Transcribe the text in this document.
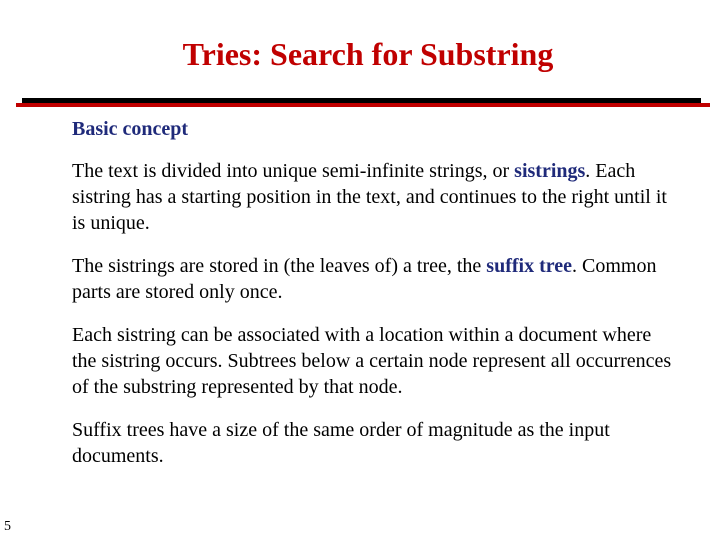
Tries: Search for Substring

Basic concept

The text is divided into unique semi-infinite strings, or sistrings. Each sistring has a starting position in the text, and continues to the right until it is unique.

The sistrings are stored in (the leaves of) a tree, the suffix tree. Common parts are stored only once.

Each sistring can be associated with a location within a document where the sistring occurs. Subtrees below a certain node represent all occurrences of the substring represented by that node.

Suffix trees have a size of the same order of magnitude as the input documents.

5
